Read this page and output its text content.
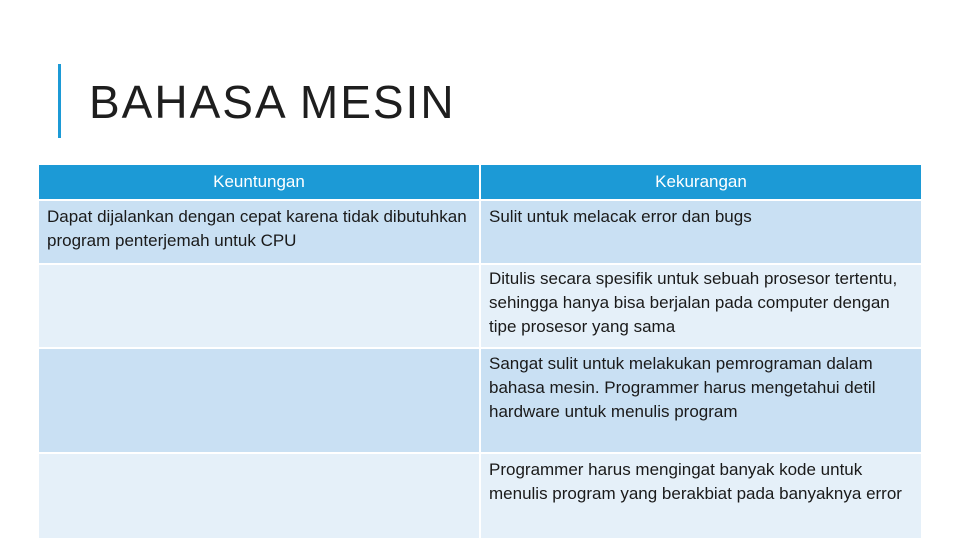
BAHASA MESIN
Keuntungan	Kekurangan
Dapat dijalankan dengan cepat karena tidak dibutuhkan program penterjemah untuk CPU	Sulit untuk melacak error dan bugs
	Ditulis secara spesifik untuk sebuah prosesor tertentu, sehingga hanya bisa berjalan pada computer dengan tipe prosesor yang sama
	Sangat sulit untuk melakukan pemrograman dalam bahasa mesin. Programmer harus mengetahui detil hardware untuk menulis program
	Programmer harus mengingat banyak kode untuk menulis program yang berakbiat pada banyaknya error
